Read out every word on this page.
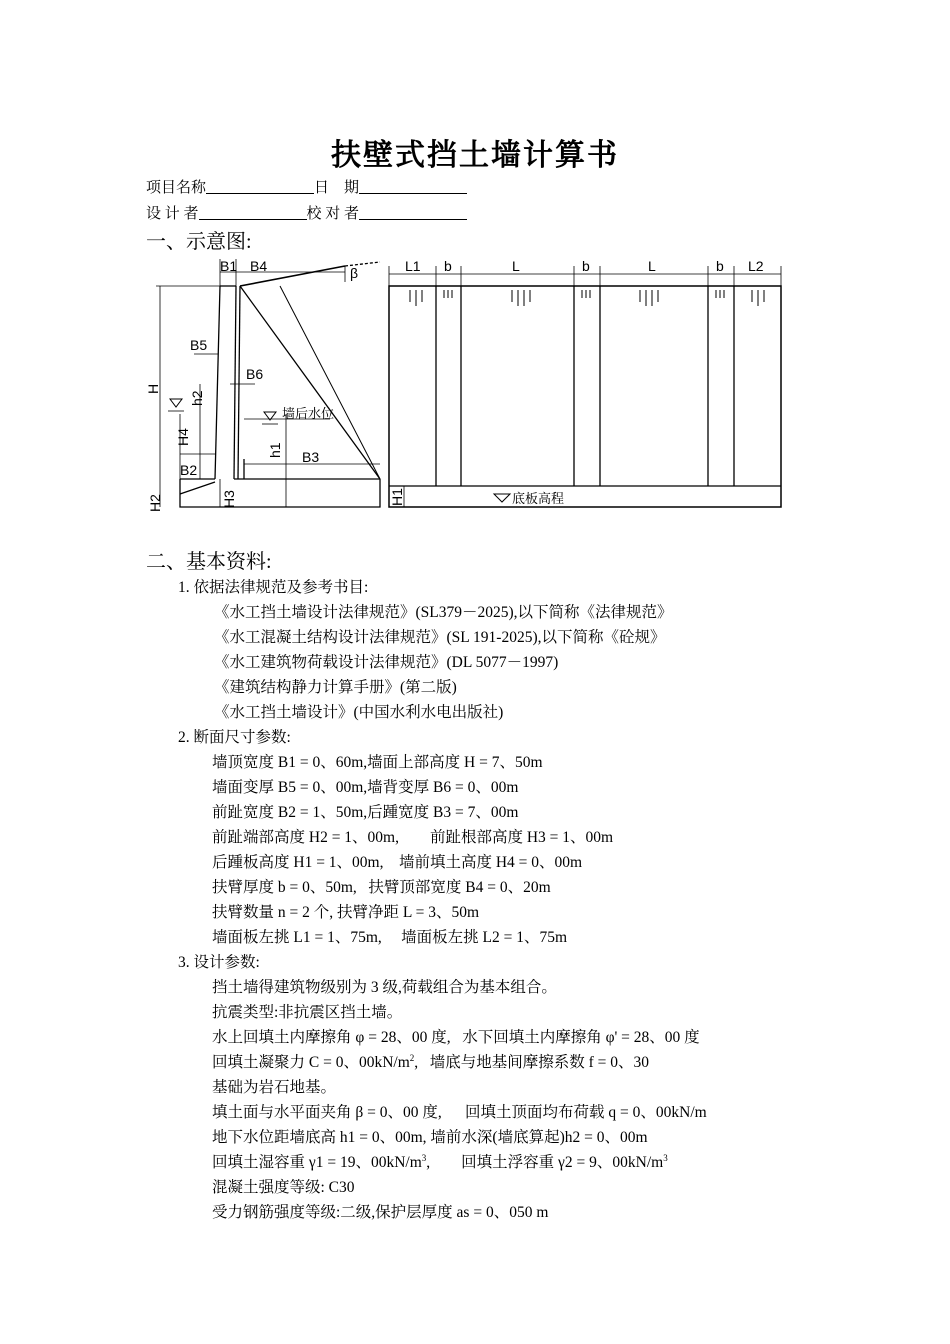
扶壁式挡土墙计算书
项目名称	日    期
设 计 者	校 对 者
一、示意图:
B1 B4	β
H
B5
B6
h2
H4
B2
H2	H3
h1 B3
墙后水位
H1	底板高程
L1 b	L	b	L	b L2
二、基本资料:
1. 依据法律规范及参考书目:
《水工挡土墙设计法律规范》(SL379－2025),以下简称《法律规范》
《水工混凝土结构设计法律规范》(SL 191-2025),以下简称《砼规》
《水工建筑物荷载设计法律规范》(DL 5077－1997)
《建筑结构静力计算手册》(第二版)
《水工挡土墙设计》(中国水利水电出版社)
2. 断面尺寸参数:
墙顶宽度 B1 = 0、60m,墙面上部高度 H = 7、50m
墙面变厚 B5 = 0、00m,墙背变厚 B6 = 0、00m
前趾宽度 B2 = 1、50m,后踵宽度 B3 = 7、00m
前趾端部高度 H2 = 1、00m,        前趾根部高度 H3 = 1、00m
后踵板高度 H1 = 1、00m,    墙前填土高度 H4 = 0、00m
扶臂厚度 b = 0、50m,   扶臂顶部宽度 B4 = 0、20m
扶臂数量 n = 2 个, 扶臂净距 L = 3、50m
墙面板左挑 L1 = 1、75m,     墙面板左挑 L2 = 1、75m
3. 设计参数:
挡土墙得建筑物级别为 3 级,荷载组合为基本组合。
抗震类型:非抗震区挡土墙。
水上回填土内摩擦角 φ = 28、00 度,   水下回填土内摩擦角 φ' = 28、00 度
回填土凝聚力 C = 0、$00kN/m^2$,   墙底与地基间摩擦系数 f = 0、30
基础为岩石地基。
填土面与水平面夹角 β = 0、00 度,      回填土顶面均布荷载 q = 0、00kN/m
地下水位距墙底高 h1 = 0、00m, 墙前水深(墙底算起)h2 = 0、00m
回填土湿容重 γ1 = 19、$00kN/m^3$,        回填土浮容重 γ2 = 9、$00kN/m^3$
混凝土强度等级: C30
受力钢筋强度等级:二级,保护层厚度 as = 0、050 m
